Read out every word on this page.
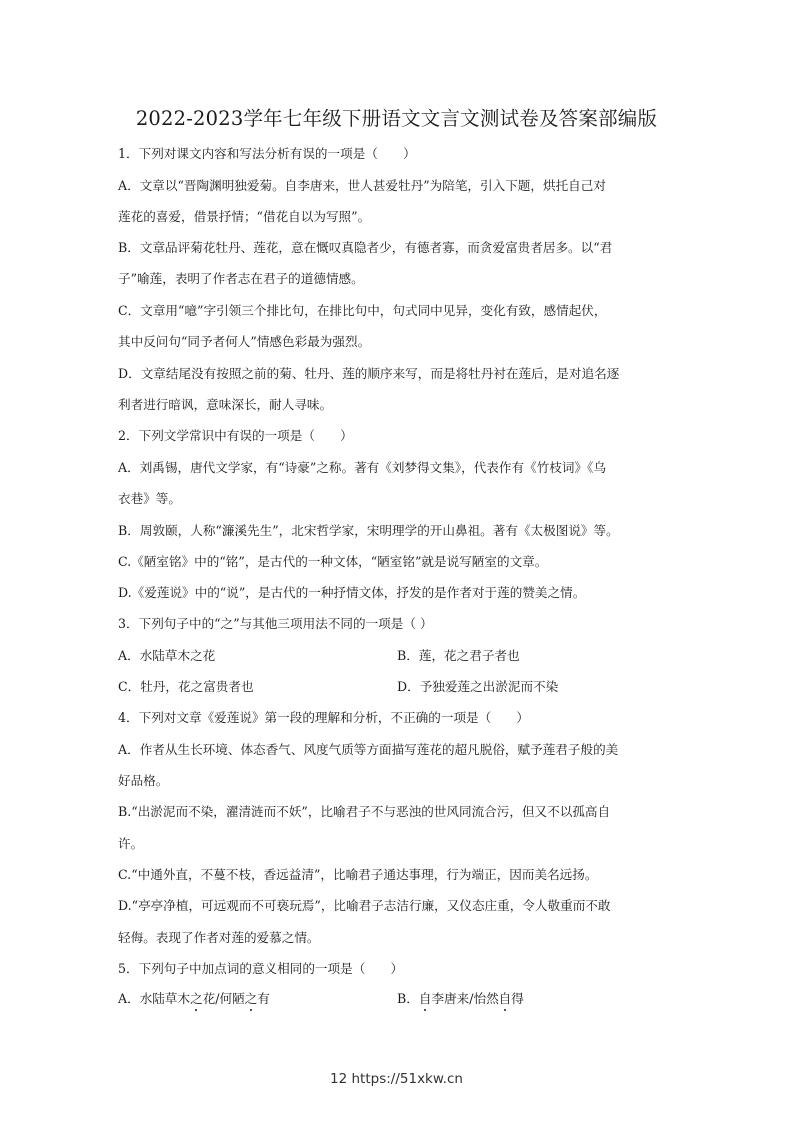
2022-2023学年七年级下册语文文言文测试卷及答案部编版
1．下列对课文内容和写法分析有误的一项是（　　）
A．文章以“晋陶渊明独爱菊。自李唐来，世人甚爱牡丹”为陪笔，引入下题，烘托自己对
莲花的喜爱，借景抒情；“借花自以为写照”。
B．文章品评菊花牡丹、莲花，意在慨叹真隐者少，有德者寡，而贪爱富贵者居多。以“君
子”喻莲，表明了作者志在君子的道德情感。
C．文章用“噫”字引领三个排比句，在排比句中，句式同中见异，变化有致，感情起伏，
其中反问句“同予者何人”情感色彩最为强烈。
D．文章结尾没有按照之前的菊、牡丹、莲的顺序来写，而是将牡丹衬在莲后，是对追名逐
利者进行暗讽，意味深长，耐人寻味。
2．下列文学常识中有误的一项是（　　）
A．刘禹锡，唐代文学家，有“诗豪”之称。著有《刘梦得文集》，代表作有《竹枝词》《乌
衣巷》等。
B．周敦颐，人称“濂溪先生”，北宋哲学家，宋明理学的开山鼻祖。著有《太极图说》等。
C.《陋室铭》中的“铭”，是古代的一种文体，“陋室铭”就是说写陋室的文章。
D.《爱莲说》中的“说”，是古代的一种抒情文体，抒发的是作者对于莲的赞美之情。
3．下列句子中的“之”与其他三项用法不同的一项是（ ）
A．水陆草木之花	B．莲，花之君子者也
C．牡丹，花之富贵者也	D．予独爱莲之出淤泥而不染
4．下列对文章《爱莲说》第一段的理解和分析，不正确的一项是（　　）
A．作者从生长环境、体态香气、风度气质等方面描写莲花的超凡脱俗，赋予莲君子般的美
好品格。
B.“出淤泥而不染，濯清涟而不妖”，比喻君子不与恶浊的世风同流合污，但又不以孤高自
许。
C.“中通外直，不蔓不枝，香远益清”，比喻君子通达事理，行为端正，因而美名远扬。
D.“亭亭净植，可远观而不可亵玩焉”，比喻君子志洁行廉，又仪态庄重，令人敬重而不敢
轻侮。表现了作者对莲的爱慕之情。
5．下列句子中加点词的意义相同的一项是（　　）
A．水陆草木之花/何陋之有	B．自李唐来/怡然自得
12 https://51xkw.cn
